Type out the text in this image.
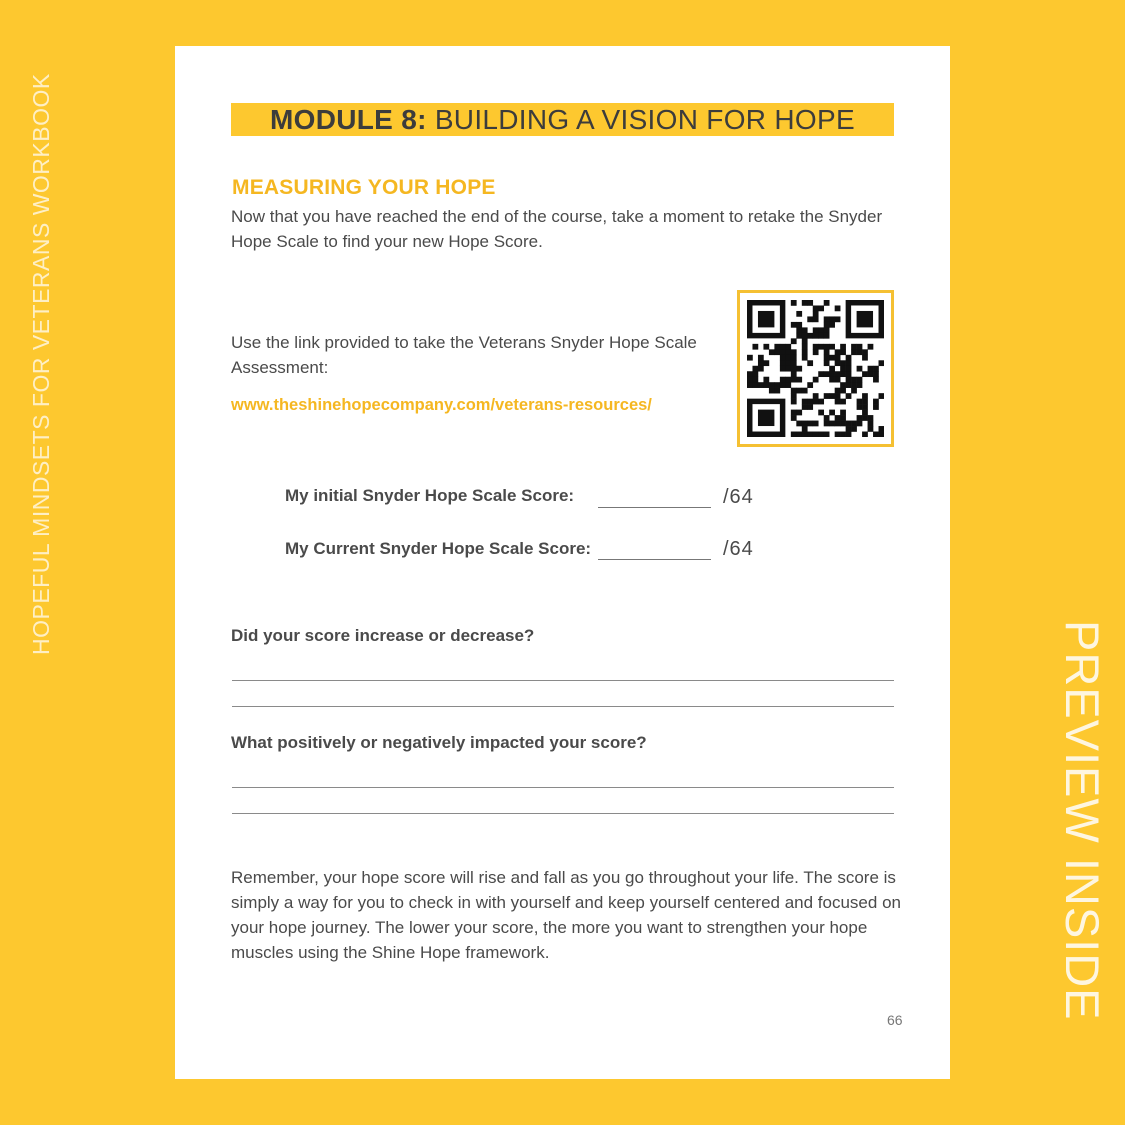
HOPEFUL MINDSETS FOR VETERANS WORKBOOK
PREVIEW INSIDE
MODULE 8: BUILDING A VISION FOR HOPE
MEASURING YOUR HOPE
Now that you have reached the end of the course, take a moment to retake the Snyder Hope Scale to find your new Hope Score.
Use the link provided to take the Veterans Snyder Hope Scale Assessment:
www.theshinehopecompany.com/veterans-resources/
My initial Snyder Hope Scale Score:	/64
My Current Snyder Hope Scale Score:	/64
Did your score increase or decrease?
What positively or negatively impacted your score?
Remember, your hope score will rise and fall as you go throughout your life. The score is simply a way for you to check in with yourself and keep yourself centered and focused on your hope journey. The lower your score, the more you want to strengthen your hope muscles using the Shine Hope framework.
66
